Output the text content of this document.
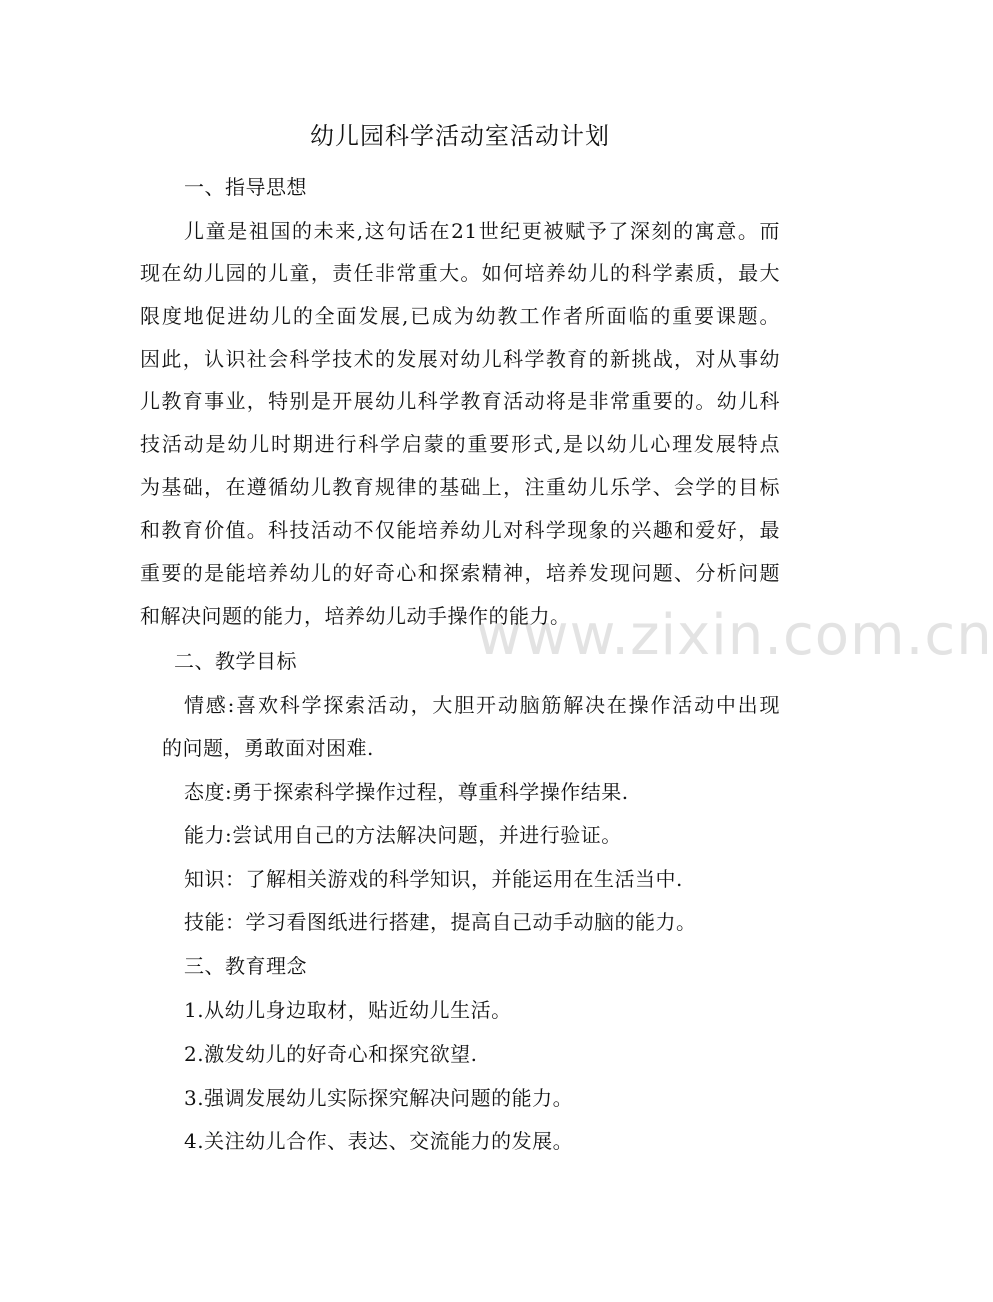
www.zixin.com.cn
幼儿园科学活动室活动计划

一、指导思想

儿童是祖国的未来,这句话在21世纪更被赋予了深刻的寓意。而

现在幼儿园的儿童，责任非常重大。如何培养幼儿的科学素质，最大

限度地促进幼儿的全面发展,已成为幼教工作者所面临的重要课题。

因此，认识社会科学技术的发展对幼儿科学教育的新挑战，对从事幼

儿教育事业，特别是开展幼儿科学教育活动将是非常重要的。幼儿科

技活动是幼儿时期进行科学启蒙的重要形式,是以幼儿心理发展特点

为基础，在遵循幼儿教育规律的基础上，注重幼儿乐学、会学的目标

和教育价值。科技活动不仅能培养幼儿对科学现象的兴趣和爱好，最

重要的是能培养幼儿的好奇心和探索精神，培养发现问题、分析问题

和解决问题的能力，培养幼儿动手操作的能力。

二、教学目标

情感:喜欢科学探索活动，大胆开动脑筋解决在操作活动中出现

的问题，勇敢面对困难.

态度:勇于探索科学操作过程，尊重科学操作结果.

能力:尝试用自己的方法解决问题，并进行验证。

知识：了解相关游戏的科学知识，并能运用在生活当中.

技能：学习看图纸进行搭建，提高自己动手动脑的能力。

三、教育理念

1.从幼儿身边取材，贴近幼儿生活。

2.激发幼儿的好奇心和探究欲望.

3.强调发展幼儿实际探究解决问题的能力。

4.关注幼儿合作、表达、交流能力的发展。
